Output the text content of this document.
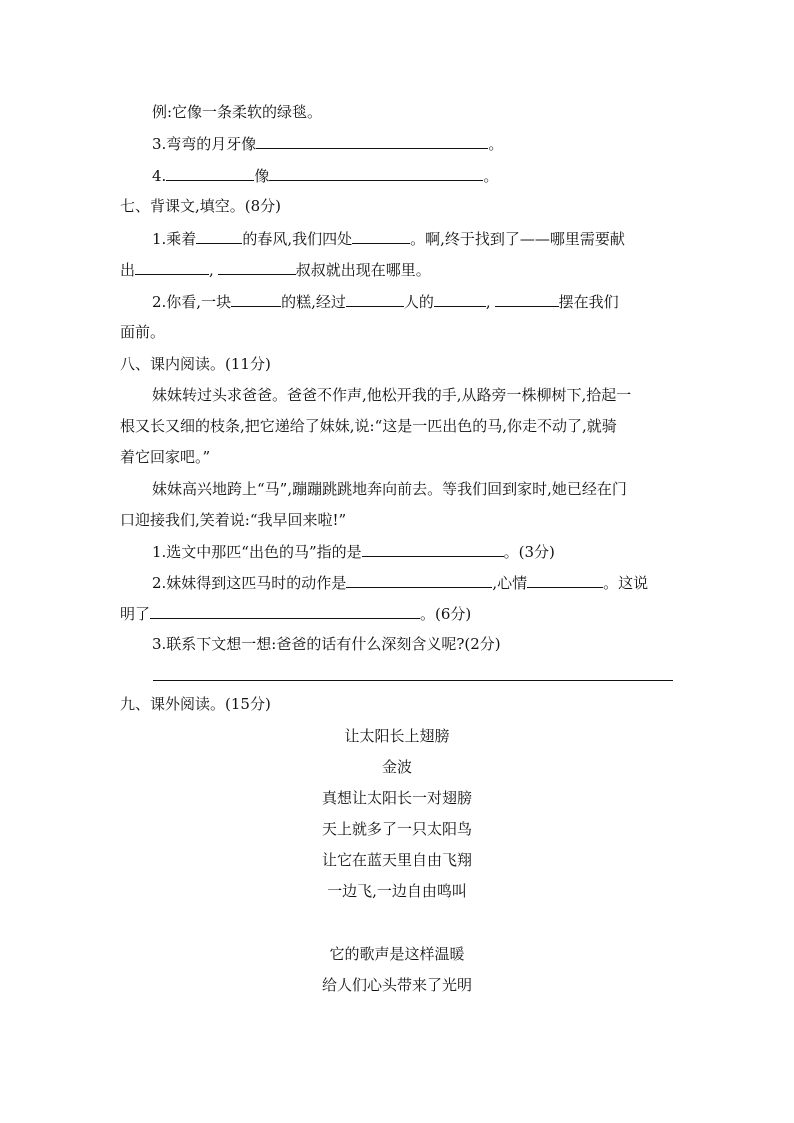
例:它像一条柔软的绿毯。
3.弯弯的月牙像	。
4.	像	。
七、背课文,填空。(8分)
1.乘着	的春风,我们四处	。啊,终于找到了——哪里需要献
出	,	叔叔就出现在哪里。
2.你看,一块	的糕,经过	人的	,	摆在我们
面前。
八、课内阅读。(11分)
妹妹转过头求爸爸。爸爸不作声,他松开我的手,从路旁一株柳树下,拾起一
根又长又细的枝条,把它递给了妹妹,说:“这是一匹出色的马,你走不动了,就骑
着它回家吧。”
妹妹高兴地跨上“马”,蹦蹦跳跳地奔向前去。等我们回到家时,她已经在门
口迎接我们,笑着说:“我早回来啦!”
1.选文中那匹“出色的马”指的是	。(3分)
2.妹妹得到这匹马时的动作是	,心情	。这说
明了	。(6分)
3.联系下文想一想:爸爸的话有什么深刻含义呢?(2分)
九、课外阅读。(15分)
让太阳长上翅膀
金波
真想让太阳长一对翅膀
天上就多了一只太阳鸟
让它在蓝天里自由飞翔
一边飞,一边自由鸣叫
它的歌声是这样温暖
给人们心头带来了光明
